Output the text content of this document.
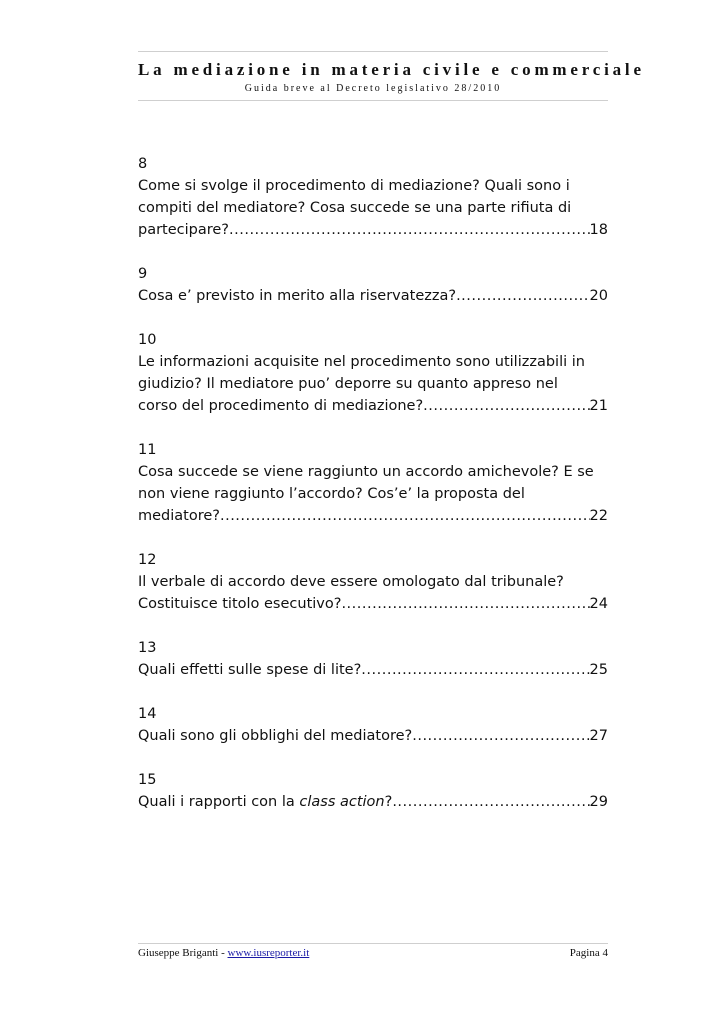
La mediazione in materia civile e commerciale
Guida breve al Decreto legislativo 28/2010
8
Come si svolge il procedimento di mediazione? Quali sono i
compiti del mediatore? Cosa succede se una parte rifiuta di
partecipare? .....	18
9
Cosa e’ previsto in merito alla riservatezza? .....	20
10
Le informazioni acquisite nel procedimento sono utilizzabili in
giudizio? Il mediatore puo’ deporre su quanto appreso nel
corso del procedimento di mediazione? .....	21
11
Cosa succede se viene raggiunto un accordo amichevole? E se
non viene raggiunto l’accordo? Cos’e’ la proposta del
mediatore? .....	22
12
Il verbale di accordo deve essere omologato dal tribunale?
Costituisce titolo esecutivo? .....	24
13
Quali effetti sulle spese di lite? .....	25
14
Quali sono gli obblighi del mediatore? .....	27
15
Quali i rapporti con la class action? .....	29
Giuseppe Briganti - www.iusreporter.it	Pagina 4
